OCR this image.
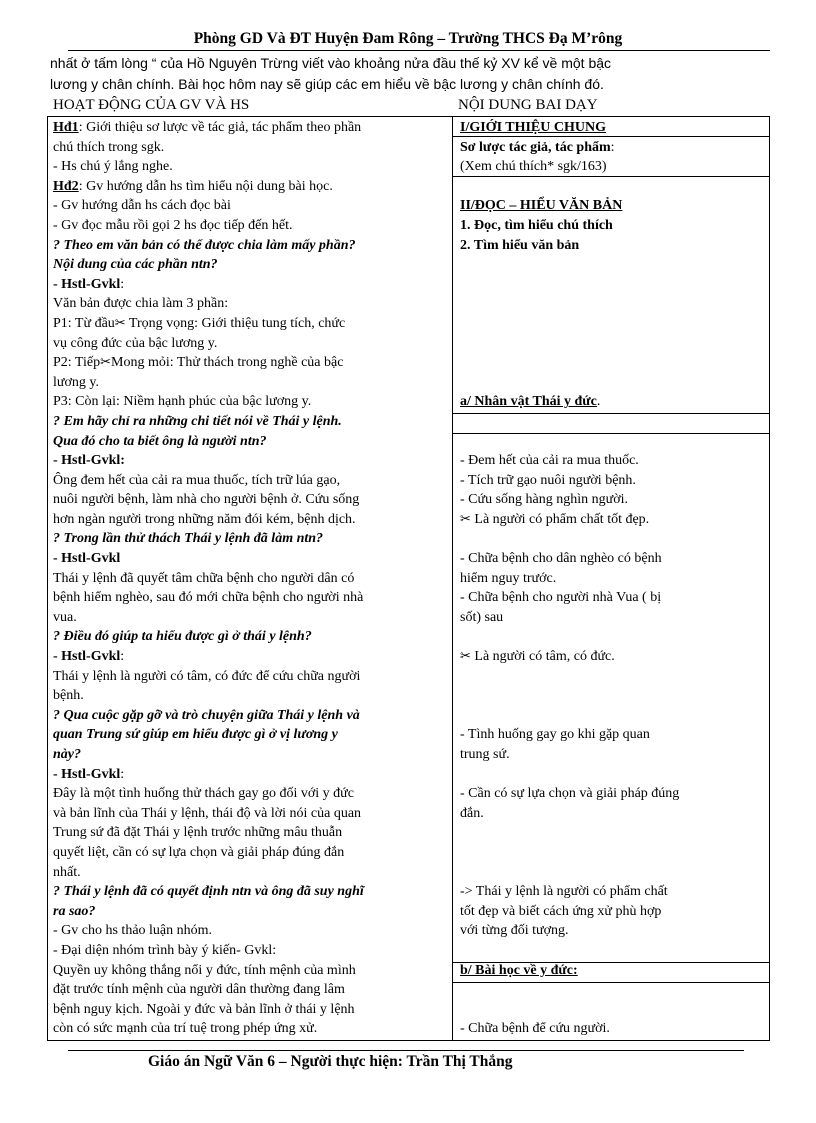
Phòng GD Và ĐT Huyện Đam Rông – Trường THCS Đạ M’rông
nhất ở tấm lòng “ của Hồ Nguyên Trừng viết vào khoảng nửa đầu thế kỷ XV kể về một bậc
lương y chân chính. Bài học hôm nay sẽ giúp các em hiểu về bậc lương y chân chính đó.
HOẠT ĐỘNG CỦA GV VÀ HS	NỘI DUNG BAI DẠY
Hđ1: Giới thiệu sơ lược về tác giả, tác phẩm theo phần
chú thích trong sgk.
- Hs chú ý lắng nghe.
Hđ2: Gv hướng dẫn hs tìm hiểu nội dung bài học.
- Gv hướng dẫn hs cách đọc bài
- Gv đọc mẫu rồi gọi 2 hs đọc tiếp đến hết.
? Theo em văn bản có thể được chia làm mấy phần?
Nội dung của các phần ntn?
- Hstl-Gvkl:
Văn bản được chia làm 3 phần:
P1: Từ đầu✂ Trọng vọng: Giới thiệu tung tích, chức
vụ công đức của bậc lương y.
P2: Tiếp✂Mong mỏi: Thử thách trong nghề của bậc
lương y.
P3: Còn lại: Niềm hạnh phúc của bậc lương y.
? Em hãy chỉ ra những chi tiết nói về Thái y lệnh.
Qua đó cho ta biết ông là người ntn?
- Hstl-Gvkl:
Ông đem hết của cải ra mua thuốc, tích trữ lúa gạo,
nuôi người bệnh, làm nhà cho người bệnh ở. Cứu sống
hơn ngàn người trong những năm đói kém, bệnh dịch.
? Trong lần thử thách Thái y lệnh đã làm ntn?
- Hstl-Gvkl
Thái y lệnh đã quyết tâm chữa bệnh cho người dân có
bệnh hiểm nghèo, sau đó mới chữa bệnh cho người nhà
vua.
? Điều đó giúp ta hiểu được gì ở thái y lệnh?
- Hstl-Gvkl:
Thái y lệnh là người có tâm, có đức để cứu chữa người
bệnh.
? Qua cuộc gặp gỡ và trò chuyện giữa Thái y lệnh và
quan Trung sứ giúp em hiểu được gì ở vị lương y
này?
- Hstl-Gvkl:
Đây là một tình huống thử thách gay go đối với y đức
và bản lĩnh của Thái y lệnh, thái độ và lời nói của quan
Trung sứ đã đặt Thái y lệnh trước những mâu thuẫn
quyết liệt, cần có sự lựa chọn và giải pháp đúng đắn
nhất.
? Thái y lệnh đã có quyết định ntn và ông đã suy nghĩ
ra sao?
- Gv cho hs thảo luận nhóm.
- Đại diện nhóm trình bày ý kiến- Gvkl:
Quyền uy không thắng nổi y đức, tính mệnh của mình
đặt trước tính mệnh của người dân thường đang lâm
bệnh nguy kịch. Ngoài y đức và bản lĩnh ở thái y lệnh
còn có sức mạnh của trí tuệ trong phép ứng xử.
I/GIỚI THIỆU CHUNG
Sơ lược tác giả, tác phẩm:
(Xem chú thích* sgk/163)
II/ĐỌC – HIỂU VĂN BẢN
1. Đọc, tìm hiểu chú thích
2. Tìm hiểu văn bản
a/ Nhân vật Thái y đức.
- Đem hết của cải ra mua thuốc.
- Tích trữ gạo nuôi người bệnh.
- Cứu sống hàng nghìn người.
✂ Là người có phẩm chất tốt đẹp.
- Chữa bệnh cho dân nghèo có bệnh
hiểm nguy trước.
- Chữa bệnh cho người nhà Vua ( bị
sốt) sau
✂ Là người có tâm, có đức.
- Tình huống gay go khi gặp quan
trung sứ.
- Cần có sự lựa chọn và giải pháp đúng
đắn.
-> Thái y lệnh là người có phẩm chất
tốt đẹp và biết cách ứng xử phù hợp
với từng đối tượng.
b/ Bài học về y đức:
- Chữa bệnh để cứu người.
Giáo án Ngữ Văn 6 – Người thực hiện: Trần Thị Thắng
